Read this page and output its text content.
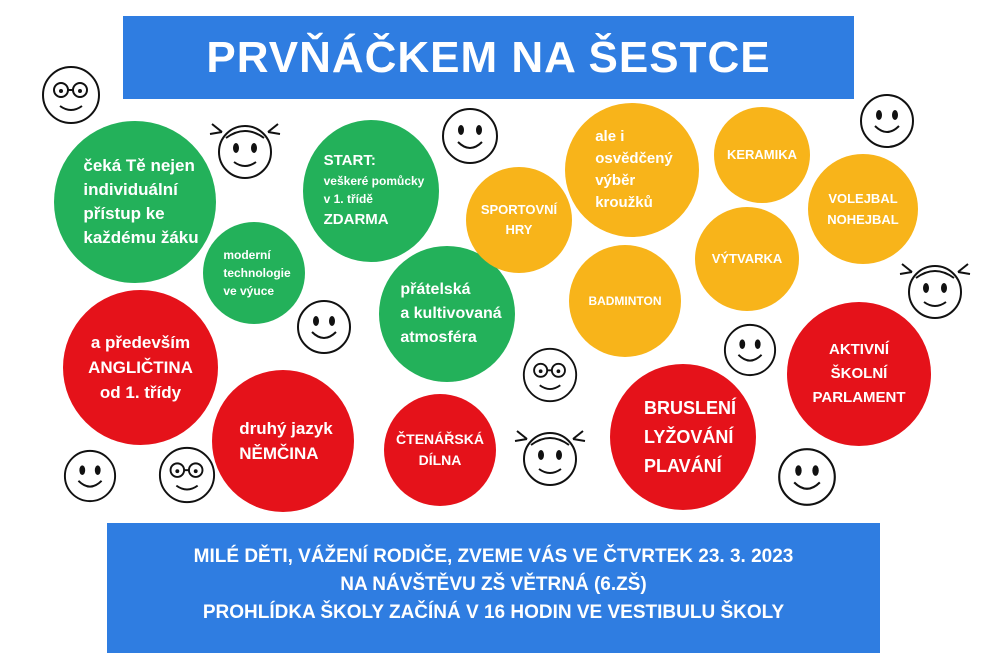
PRVŇÁČKEM NA ŠESTCE
čeká Tě nejen
individuální
přístup ke
každému žáku
moderní
technologie
ve výuce
START:
veškeré pomůcky
v 1. třídě
ZDARMA
přátelská
a kultivovaná
atmosféra
a především
ANGLIČTINA
od 1. třídy
druhý jazyk
NĚMČINA
ČTENÁŘSKÁ
DÍLNA
BRUSLENÍ
LYŽOVÁNÍ
PLAVÁNÍ
AKTIVNÍ
ŠKOLNÍ
PARLAMENT
SPORTOVNÍ
HRY
ale i
osvědčený
výběr
kroužků
KERAMIKA
VOLEJBAL
NOHEJBAL
VÝTVARKA
BADMINTON
MILÉ DĚTI, VÁŽENÍ RODIČE, ZVEME VÁS VE ČTVRTEK 23. 3. 2023
NA NÁVŠTĚVU ZŠ VĚTRNÁ (6.ZŠ)
PROHLÍDKA ŠKOLY ZAČÍNÁ V 16 HODIN VE VESTIBULU ŠKOLY
